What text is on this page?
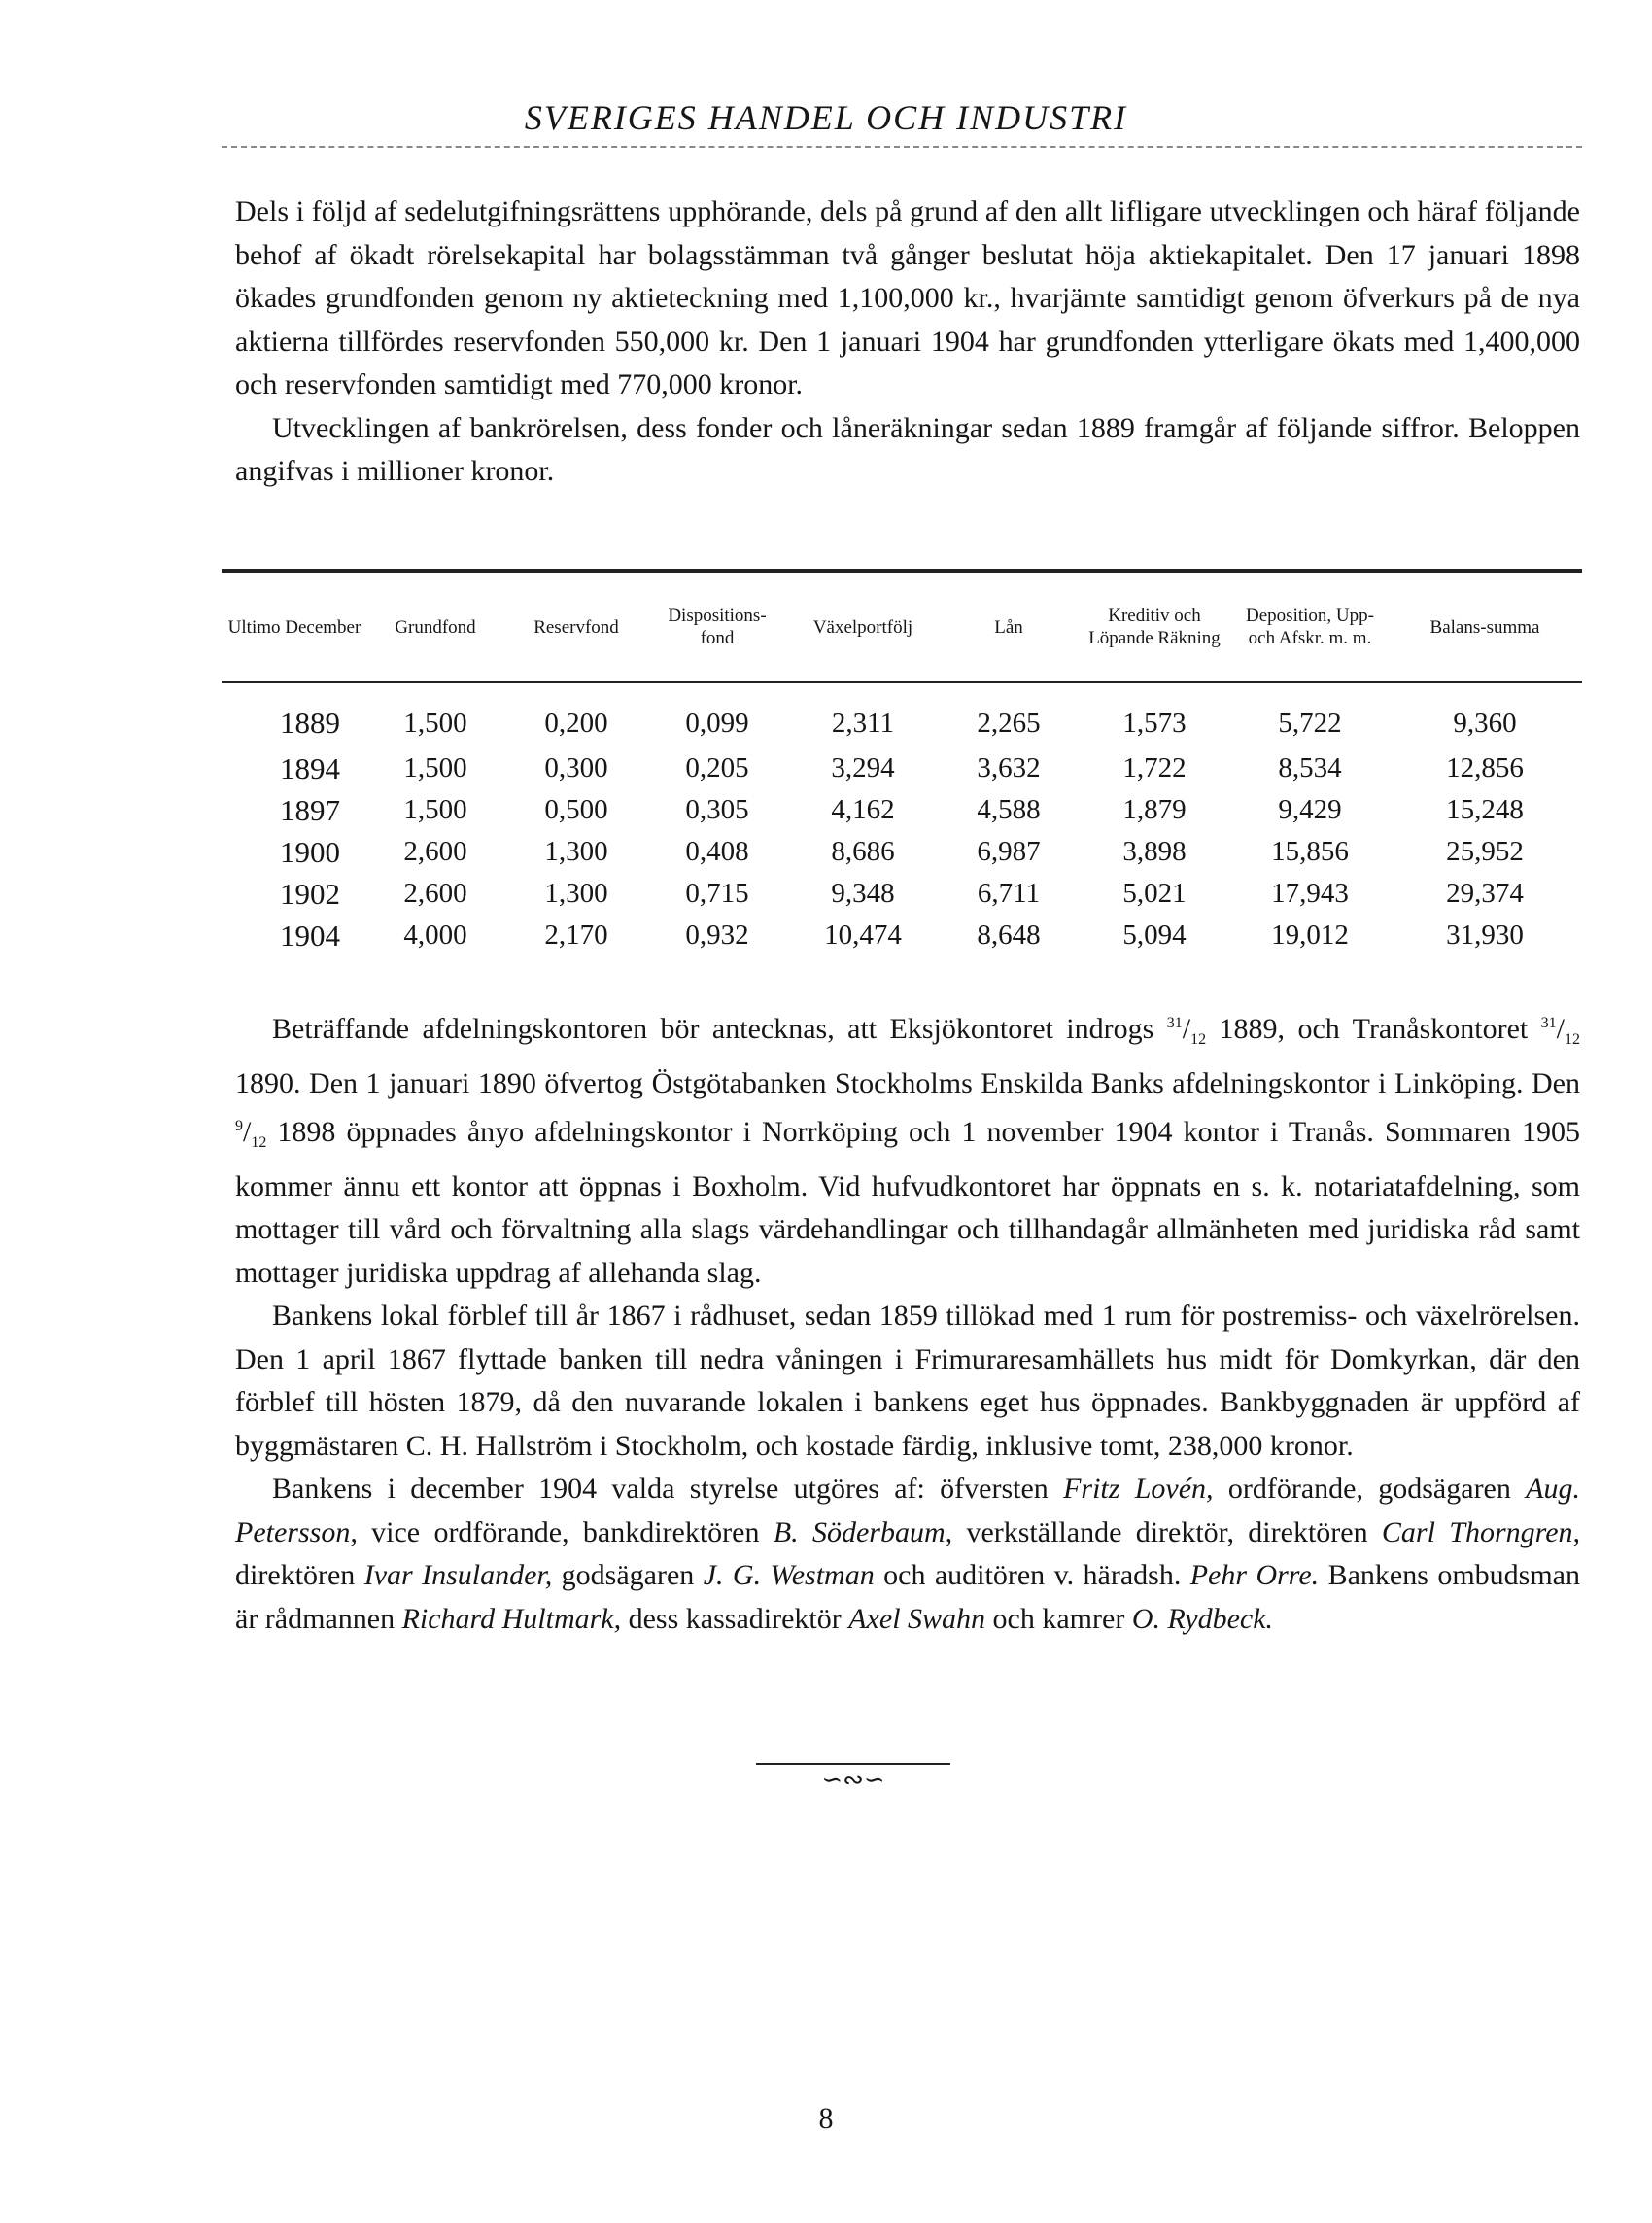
SVERIGES HANDEL OCH INDUSTRI

Dels i följd af sedelutgifningsrättens upphörande, dels på grund af den allt lifligare utvecklingen och häraf följande behof af ökadt rörelsekapital har bolagsstämman två gånger beslutat höja aktiekapitalet. Den 17 januari 1898 ökades grundfonden genom ny aktieteckning med 1,100,000 kr., hvarjämte samtidigt genom öfverkurs på de nya aktierna tillfördes reservfonden 550,000 kr. Den 1 januari 1904 har grundfonden ytterligare ökats med 1,400,000 och reservfonden samtidigt med 770,000 kronor.

Utvecklingen af bankrörelsen, dess fonder och låneräkningar sedan 1889 framgår af följande siffror. Beloppen angifvas i millioner kronor.

Ultimo December	Grundfond	Reservfond	Dispositions-fond	Växelportfölj	Lån	Kreditiv och Löpande Räkning	Deposition, Upp- och Afskr. m. m.	Balans-summa
1889	1,500	0,200	0,099	2,311	2,265	1,573	5,722	9,360
1894	1,500	0,300	0,205	3,294	3,632	1,722	8,534	12,856
1897	1,500	0,500	0,305	4,162	4,588	1,879	9,429	15,248
1900	2,600	1,300	0,408	8,686	6,987	3,898	15,856	25,952
1902	2,600	1,300	0,715	9,348	6,711	5,021	17,943	29,374
1904	4,000	2,170	0,932	10,474	8,648	5,094	19,012	31,930

Beträffande afdelningskontoren bör antecknas, att Eksjökontoret indrogs $^{31}/_{12}$ 1889, och Tranåskontoret $^{31}/_{12}$ 1890. Den 1 januari 1890 öfvertog Östgötabanken Stockholms Enskilda Banks afdelningskontor i Linköping. Den $^9/_{12}$ 1898 öppnades ånyo afdelningskontor i Norrköping och 1 november 1904 kontor i Tranås. Sommaren 1905 kommer ännu ett kontor att öppnas i Boxholm. Vid hufvudkontoret har öppnats en s. k. notariatafdelning, som mottager till vård och förvaltning alla slags värdehandlingar och tillhandagår allmänheten med juridiska råd samt mottager juridiska uppdrag af allehanda slag.

Bankens lokal förblef till år 1867 i rådhuset, sedan 1859 tillökad med 1 rum för postremiss- och växelrörelsen. Den 1 april 1867 flyttade banken till nedra våningen i Frimuraresamhällets hus midt för Domkyrkan, där den förblef till hösten 1879, då den nuvarande lokalen i bankens eget hus öppnades. Bankbyggnaden är uppförd af byggmästaren C. H. Hallström i Stockholm, och kostade färdig, inklusive tomt, 238,000 kronor.

Bankens i december 1904 valda styrelse utgöres af: öfversten Fritz Lovén, ordförande, godsägaren Aug. Petersson, vice ordförande, bankdirektören B. Söderbaum, verkställande direktör, direktören Carl Thorngren, direktören Ivar Insulander, godsägaren J. G. Westman och auditören v. häradsh. Pehr Orre. Bankens ombudsman är rådmannen Richard Hultmark, dess kassadirektör Axel Swahn och kamrer O. Rydbeck.

∽∾∽
8
